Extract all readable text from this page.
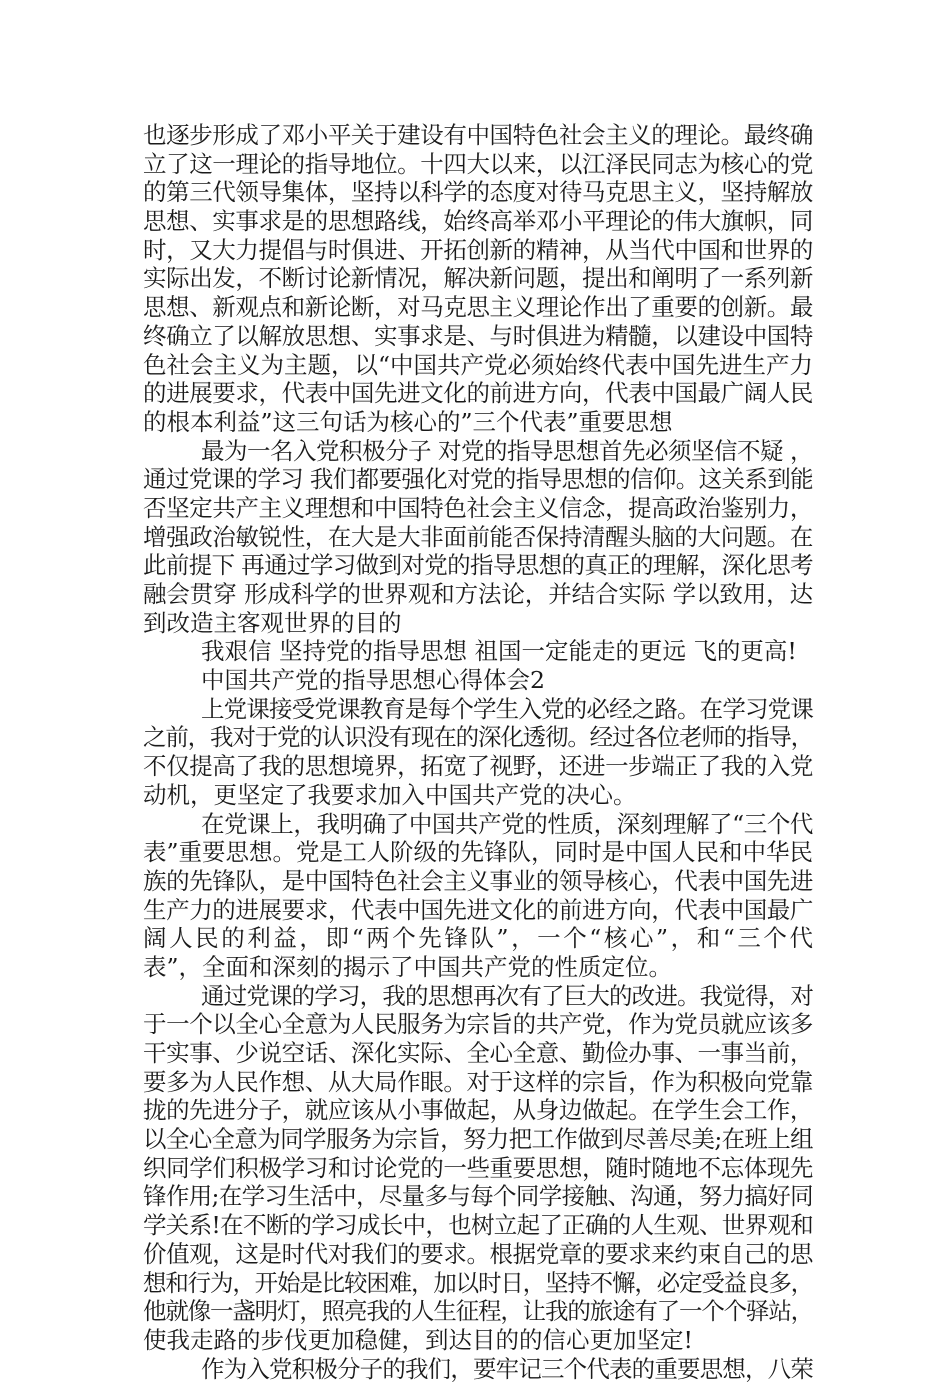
也逐步形成了邓小平关于建设有中国特色社会主义的理论。最终确
立了这一理论的指导地位。十四大以来，以江泽民同志为核心的党
的第三代领导集体，坚持以科学的态度对待马克思主义，坚持解放
思想、实事求是的思想路线，始终高举邓小平理论的伟大旗帜，同
时，又大力提倡与时俱进、开拓创新的精神，从当代中国和世界的
实际出发，不断讨论新情况，解决新问题，提出和阐明了一系列新
思想、新观点和新论断，对马克思主义理论作出了重要的创新。最
终确立了以解放思想、实事求是、与时俱进为精髓，以建设中国特
色社会主义为主题，以“中国共产党必须始终代表中国先进生产力
的进展要求，代表中国先进文化的前进方向，代表中国最广阔人民
的根本利益”这三句话为核心的”三个代表”重要思想
最为一名入党积极分子 对党的指导思想首先必须坚信不疑 ，
通过党课的学习 我们都要强化对党的指导思想的信仰。这关系到能
否坚定共产主义理想和中国特色社会主义信念，提高政治鉴别力，
增强政治敏锐性，在大是大非面前能否保持清醒头脑的大问题。在
此前提下 再通过学习做到对党的指导思想的真正的理解，深化思考
融会贯穿 形成科学的世界观和方法论，并结合实际 学以致用，达
到改造主客观世界的目的
我艰信 坚持党的指导思想 祖国一定能走的更远 飞的更高!
中国共产党的指导思想心得体会2
上党课接受党课教育是每个学生入党的必经之路。在学习党课
之前，我对于党的认识没有现在的深化透彻。经过各位老师的指导，
不仅提高了我的思想境界，拓宽了视野，还进一步端正了我的入党
动机，更坚定了我要求加入中国共产党的决心。
在党课上，我明确了中国共产党的性质，深刻理解了“三个代
表”重要思想。党是工人阶级的先锋队，同时是中国人民和中华民
族的先锋队，是中国特色社会主义事业的领导核心，代表中国先进
生产力的进展要求，代表中国先进文化的前进方向，代表中国最广
阔人民的利益，即“两个先锋队”，一个“核心”，和“三个代
表”，全面和深刻的揭示了中国共产党的性质定位。
通过党课的学习，我的思想再次有了巨大的改进。我觉得，对
于一个以全心全意为人民服务为宗旨的共产党，作为党员就应该多
干实事、少说空话、深化实际、全心全意、勤俭办事、一事当前，
要多为人民作想、从大局作眼。对于这样的宗旨，作为积极向党靠
拢的先进分子，就应该从小事做起，从身边做起。在学生会工作，
以全心全意为同学服务为宗旨，努力把工作做到尽善尽美;在班上组
织同学们积极学习和讨论党的一些重要思想，随时随地不忘体现先
锋作用;在学习生活中，尽量多与每个同学接触、沟通，努力搞好同
学关系!在不断的学习成长中，也树立起了正确的人生观、世界观和
价值观，这是时代对我们的要求。根据党章的要求来约束自己的思
想和行为，开始是比较困难，加以时日，坚持不懈，必定受益良多，
他就像一盏明灯，照亮我的人生征程，让我的旅途有了一个个驿站，
使我走路的步伐更加稳健，到达目的的信心更加坚定!
作为入党积极分子的我们，要牢记三个代表的重要思想，八荣
